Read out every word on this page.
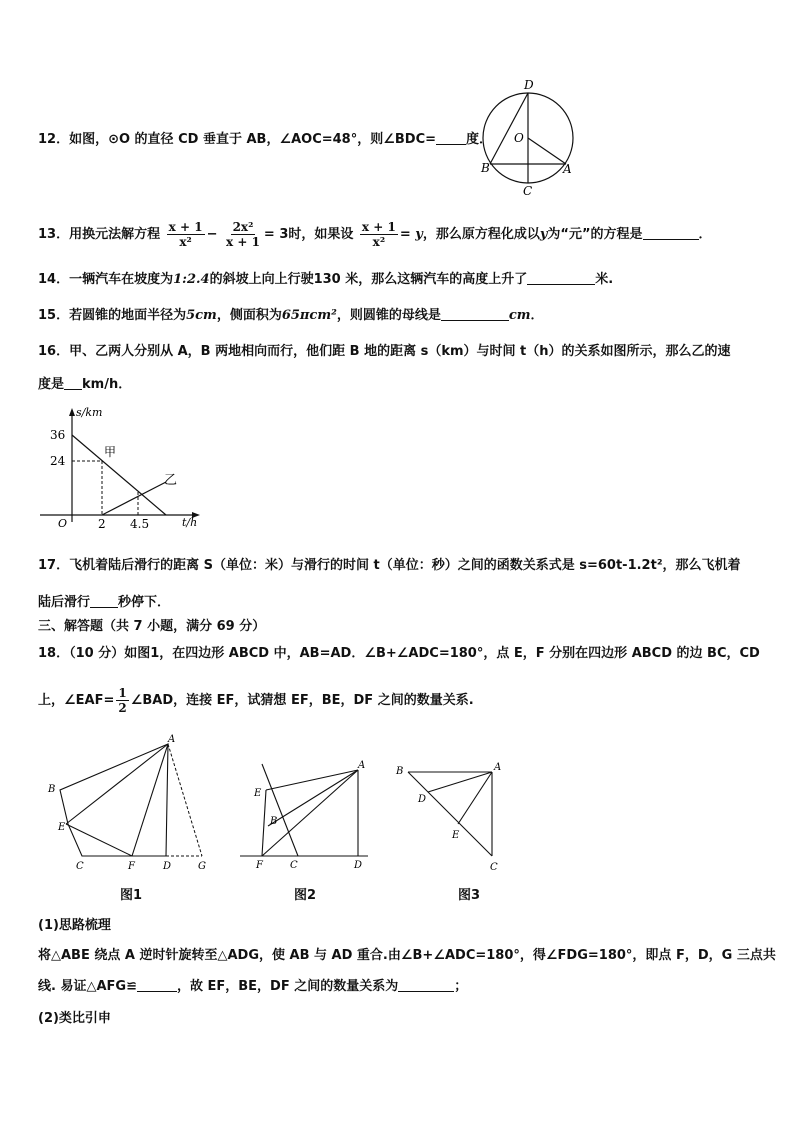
12．如图，⊙O 的直径 CD 垂直于 AB，∠AOC=48°，则∠BDC= 度．
D
O
B	A
C
13．用换元法解方程 $\frac{x + 1}{\text{x²}} - \frac{\text{2x²}}{x + 1} = 3$时，如果设 $\frac{x + 1}{\text{x²}} = y$，那么原方程化成以y为“元”的方程是	．
14．一辆汽车在坡度为1:2.4的斜坡上向上行驶130 米，那么这辆汽车的高度上升了	米.
15．若圆锥的地面半径为5cm，侧面积为65πcm²，则圆锥的母线是	cm．
16．甲、乙两人分别从 A，B 两地相向而行，他们距 B 地的距离 s（km）与时间 t（h）的关系如图所示，那么乙的速
度是 km/h．
s/km
t/h
O
36
24
2 4.5
甲
乙
17．飞机着陆后滑行的距离 S（单位：米）与滑行的时间 t（单位：秒）之间的函数关系式是 s=60t-1.2t²，那么飞机着
陆后滑行 秒停下．
三、解答题（共 7 小题，满分 69 分）
18．（10 分）如图1，在四边形 ABCD 中，AB=AD．∠B+∠ADC=180°，点 E，F 分别在四边形 ABCD 的边 BC，CD
上，∠EAF= $\frac{1}{2}$ ∠BAD，连接 EF，试猜想 EF，BE，DF 之间的数量关系.
A
B
E
C	F	D	G
图1
A
E
B
F	C	D
图2
B	A
D
E
C
图3
(1)思路梳理
将△ABE 绕点 A 逆时针旋转至△ADG，使 AB 与 AD 重合.由∠B+∠ADC=180°，得∠FDG=180°，即点 F，D，G 三点共
线. 易证△AFG≌	，故 EF，BE，DF 之间的数量关系为	；
(2)类比引申
